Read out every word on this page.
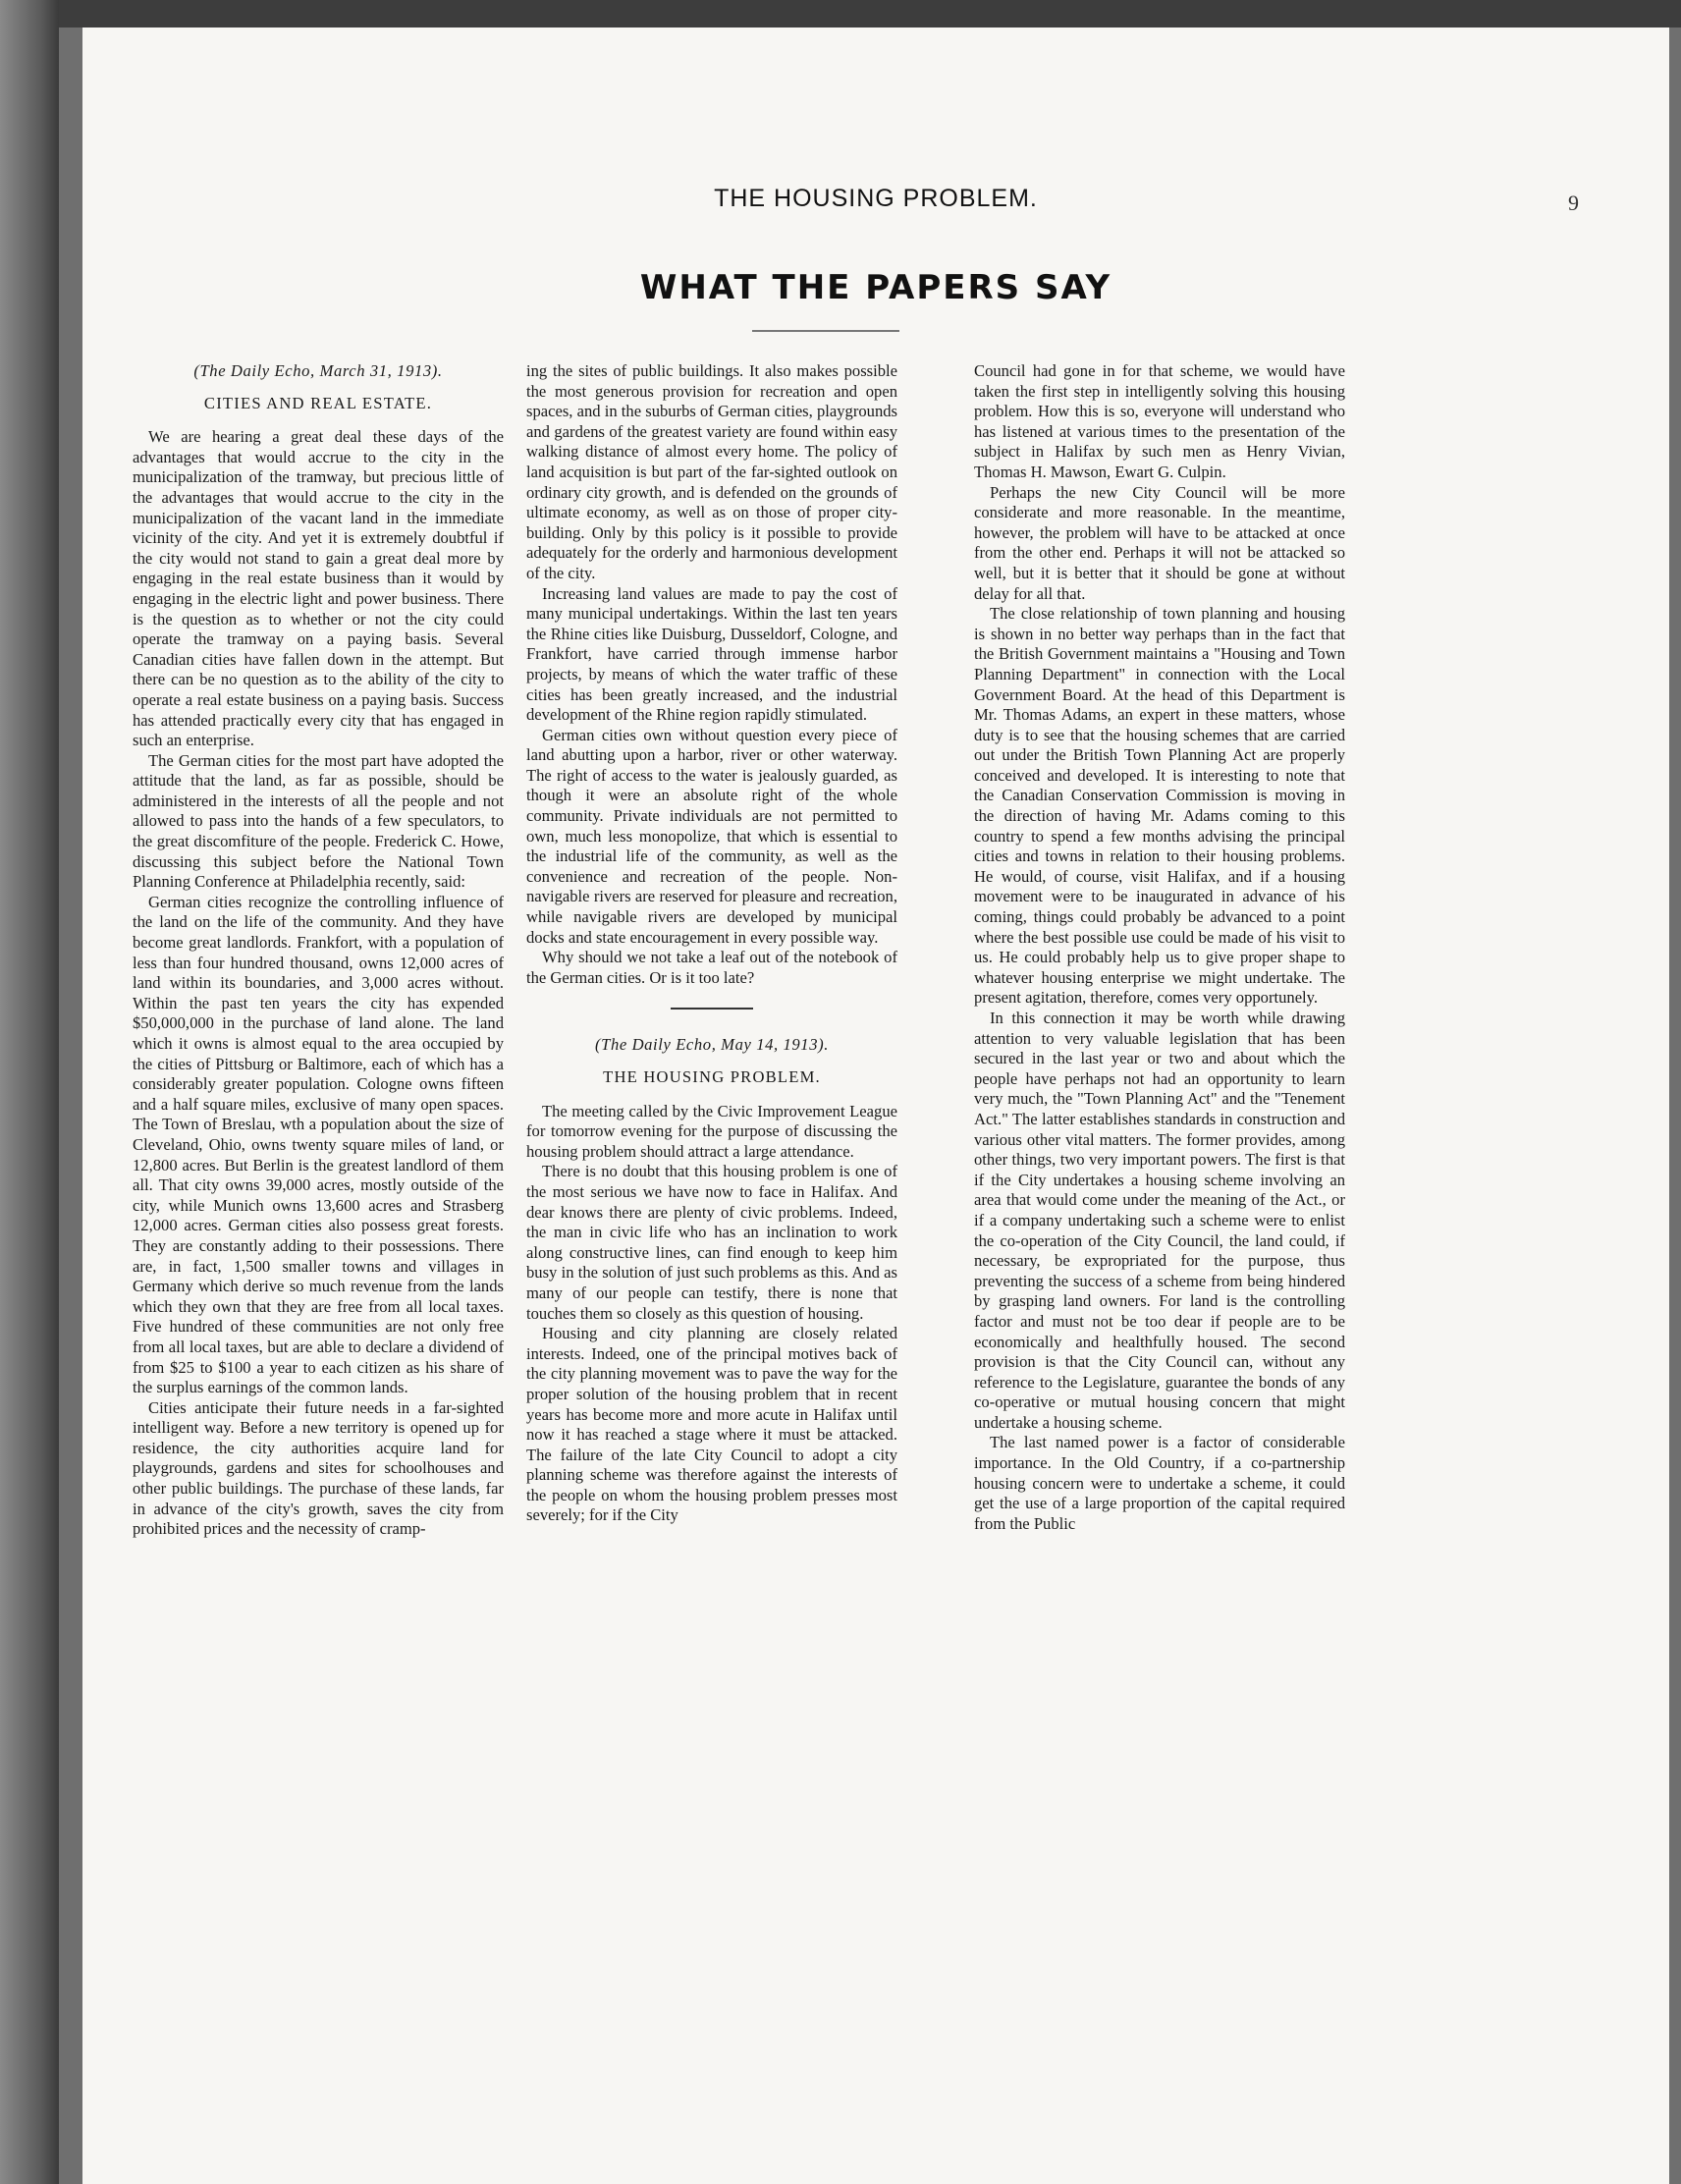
THE HOUSING PROBLEM.	9
WHAT THE PAPERS SAY
(The Daily Echo, March 31, 1913).
CITIES AND REAL ESTATE.

We are hearing a great deal these days of the advantages that would accrue to the city in the municipalization of the tramway, but precious little of the advantages that would accrue to the city in the municipalization of the vacant land in the immediate vicinity of the city. And yet it is extremely doubtful if the city would not stand to gain a great deal more by engaging in the real estate business than it would by engaging in the electric light and power business. There is the question as to whether or not the city could operate the tramway on a paying basis. Several Canadian cities have fallen down in the attempt. But there can be no question as to the ability of the city to operate a real estate business on a paying basis. Success has attended practically every city that has engaged in such an enterprise.

The German cities for the most part have adopted the attitude that the land, as far as possible, should be administered in the interests of all the people and not allowed to pass into the hands of a few speculators, to the great discomfiture of the people. Frederick C. Howe, discussing this subject before the National Town Planning Conference at Philadelphia recently, said:

German cities recognize the controlling influence of the land on the life of the community. And they have become great landlords. Frankfort, with a population of less than four hundred thousand, owns 12,000 acres of land within its boundaries, and 3,000 acres without. Within the past ten years the city has expended $50,000,000 in the purchase of land alone. The land which it owns is almost equal to the area occupied by the cities of Pittsburg or Baltimore, each of which has a considerably greater population. Cologne owns fifteen and a half square miles, exclusive of many open spaces. The Town of Breslau, wth a population about the size of Cleveland, Ohio, owns twenty square miles of land, or 12,800 acres. But Berlin is the greatest landlord of them all. That city owns 39,000 acres, mostly outside of the city, while Munich owns 13,600 acres and Strasberg 12,000 acres. German cities also possess great forests. They are constantly adding to their possessions. There are, in fact, 1,500 smaller towns and villages in Germany which derive so much revenue from the lands which they own that they are free from all local taxes. Five hundred of these communities are not only free from all local taxes, but are able to declare a dividend of from $25 to $100 a year to each citizen as his share of the surplus earnings of the common lands.

Cities anticipate their future needs in a far-sighted intelligent way. Before a new territory is opened up for residence, the city authorities acquire land for playgrounds, gardens and sites for schoolhouses and other public buildings. The purchase of these lands, far in advance of the city's growth, saves the city from prohibited prices and the necessity of cramp-

ing the sites of public buildings. It also makes possible the most generous provision for recreation and open spaces, and in the suburbs of German cities, playgrounds and gardens of the greatest variety are found within easy walking distance of almost every home. The policy of land acquisition is but part of the far-sighted outlook on ordinary city growth, and is defended on the grounds of ultimate economy, as well as on those of proper city-building. Only by this policy is it possible to provide adequately for the orderly and harmonious development of the city.

Increasing land values are made to pay the cost of many municipal undertakings. Within the last ten years the Rhine cities like Duisburg, Dusseldorf, Cologne, and Frankfort, have carried through immense harbor projects, by means of which the water traffic of these cities has been greatly increased, and the industrial development of the Rhine region rapidly stimulated.

German cities own without question every piece of land abutting upon a harbor, river or other waterway. The right of access to the water is jealously guarded, as though it were an absolute right of the whole community. Private individuals are not permitted to own, much less monopolize, that which is essential to the industrial life of the community, as well as the convenience and recreation of the people. Non-navigable rivers are reserved for pleasure and recreation, while navigable rivers are developed by municipal docks and state encouragement in every possible way.

Why should we not take a leaf out of the notebook of the German cities. Or is it too late?

(The Daily Echo, May 14, 1913).
THE HOUSING PROBLEM.

The meeting called by the Civic Improvement League for tomorrow evening for the purpose of discussing the housing problem should attract a large attendance.

There is no doubt that this housing problem is one of the most serious we have now to face in Halifax. And dear knows there are plenty of civic problems. Indeed, the man in civic life who has an inclination to work along constructive lines, can find enough to keep him busy in the solution of just such problems as this. And as many of our people can testify, there is none that touches them so closely as this question of housing.

Housing and city planning are closely related interests. Indeed, one of the principal motives back of the city planning movement was to pave the way for the proper solution of the housing problem that in recent years has become more and more acute in Halifax until now it has reached a stage where it must be attacked. The failure of the late City Council to adopt a city planning scheme was therefore against the interests of the people on whom the housing problem presses most severely; for if the City

Council had gone in for that scheme, we would have taken the first step in intelligently solving this housing problem. How this is so, everyone will understand who has listened at various times to the presentation of the subject in Halifax by such men as Henry Vivian, Thomas H. Mawson, Ewart G. Culpin.

Perhaps the new City Council will be more considerate and more reasonable. In the meantime, however, the problem will have to be attacked at once from the other end. Perhaps it will not be attacked so well, but it is better that it should be gone at without delay for all that.

The close relationship of town planning and housing is shown in no better way perhaps than in the fact that the British Government maintains a "Housing and Town Planning Department" in connection with the Local Government Board. At the head of this Department is Mr. Thomas Adams, an expert in these matters, whose duty is to see that the housing schemes that are carried out under the British Town Planning Act are properly conceived and developed. It is interesting to note that the Canadian Conservation Commission is moving in the direction of having Mr. Adams coming to this country to spend a few months advising the principal cities and towns in relation to their housing problems. He would, of course, visit Halifax, and if a housing movement were to be inaugurated in advance of his coming, things could probably be advanced to a point where the best possible use could be made of his visit to us. He could probably help us to give proper shape to whatever housing enterprise we might undertake. The present agitation, therefore, comes very opportunely.

In this connection it may be worth while drawing attention to very valuable legislation that has been secured in the last year or two and about which the people have perhaps not had an opportunity to learn very much, the "Town Planning Act" and the "Tenement Act." The latter establishes standards in construction and various other vital matters. The former provides, among other things, two very important powers. The first is that if the City undertakes a housing scheme involving an area that would come under the meaning of the Act., or if a company undertaking such a scheme were to enlist the co-operation of the City Council, the land could, if necessary, be expropriated for the purpose, thus preventing the success of a scheme from being hindered by grasping land owners. For land is the controlling factor and must not be too dear if people are to be economically and healthfully housed. The second provision is that the City Council can, without any reference to the Legislature, guarantee the bonds of any co-operative or mutual housing concern that might undertake a housing scheme.

The last named power is a factor of considerable importance. In the Old Country, if a co-partnership housing concern were to undertake a scheme, it could get the use of a large proportion of the capital required from the Public
